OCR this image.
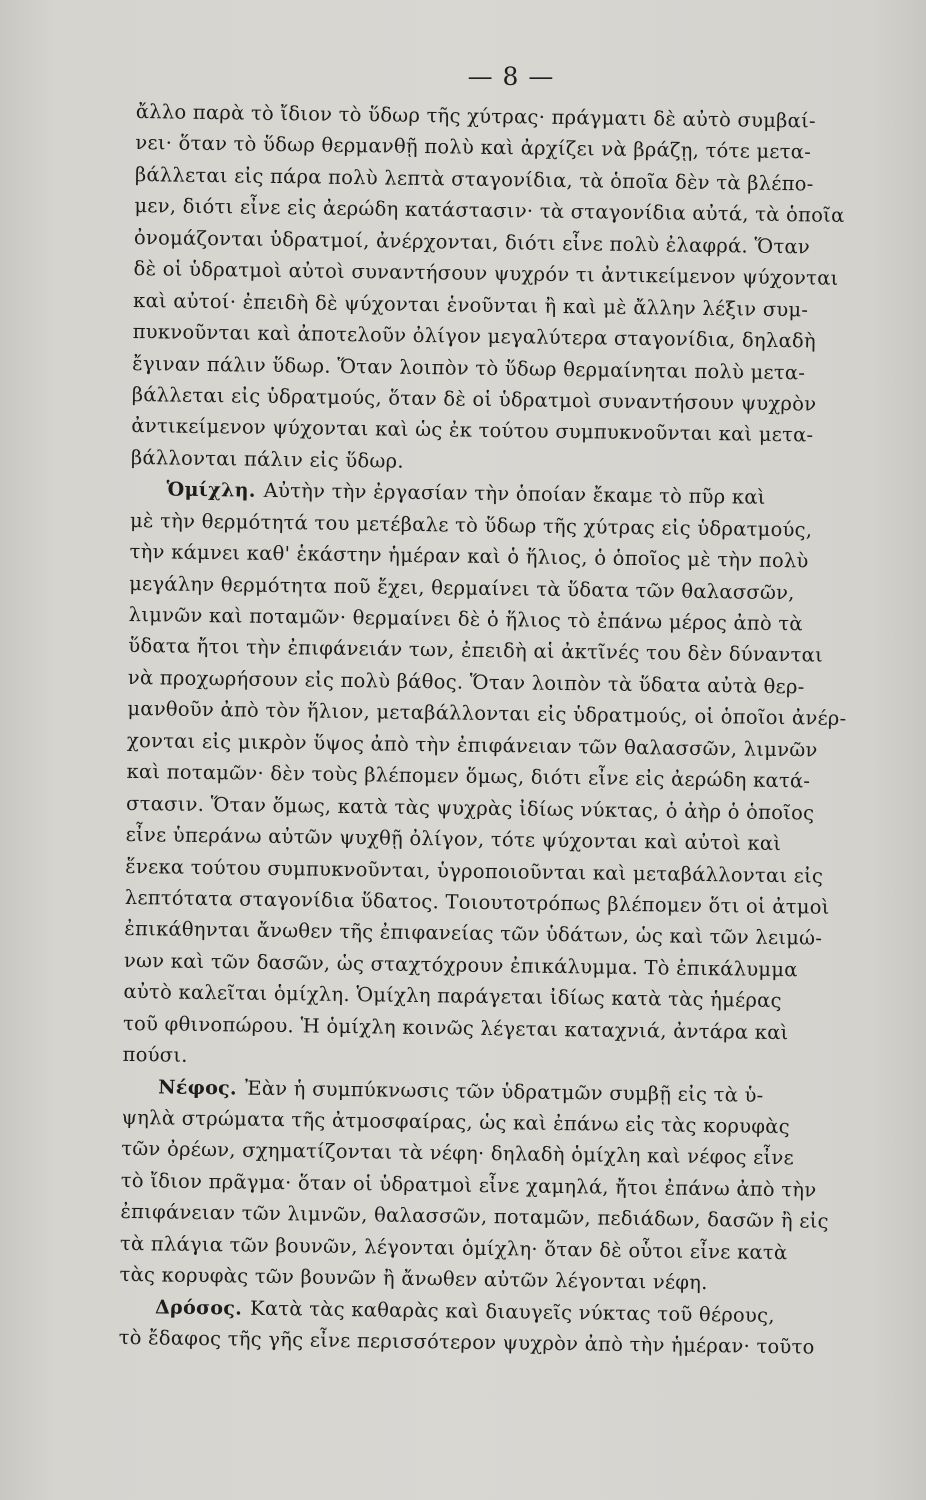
— 8 —
ἄλλο παρὰ τὸ ἴδιον τὸ ὕδωρ τῆς χύτρας· πράγματι δὲ αὐτὸ συμβαί-
νει· ὅταν τὸ ὕδωρ θερμανθῇ πολὺ καὶ ἀρχίζει νὰ βράζῃ, τότε μετα-
βάλλεται εἰς πάρα πολὺ λεπτὰ σταγονίδια, τὰ ὁποῖα δὲν τὰ βλέπο-
μεν, διότι εἶνε εἰς ἀερώδη κατάστασιν· τὰ σταγονίδια αὐτά, τὰ ὁποῖα
ὀνομάζονται ὑδρατμοί, ἀνέρχονται, διότι εἶνε πολὺ ἐλαφρά. Ὅταν
δὲ οἱ ὑδρατμοὶ αὐτοὶ συναντήσουν ψυχρόν τι ἀντικείμενον ψύχονται
καὶ αὐτοί· ἐπειδὴ δὲ ψύχονται ἑνοῦνται ἢ καὶ μὲ ἄλλην λέξιν συμ-
πυκνοῦνται καὶ ἀποτελοῦν ὀλίγον μεγαλύτερα σταγονίδια, δηλαδὴ
ἔγιναν πάλιν ὕδωρ. Ὅταν λοιπὸν τὸ ὕδωρ θερμαίνηται πολὺ μετα-
βάλλεται εἰς ὑδρατμούς, ὅταν δὲ οἱ ὑδρατμοὶ συναντήσουν ψυχρὸν
ἀντικείμενον ψύχονται καὶ ὡς ἐκ τούτου συμπυκνοῦνται καὶ μετα-
βάλλονται πάλιν εἰς ὕδωρ.
Ὁμίχλη. Αὐτὴν τὴν ἐργασίαν τὴν ὁποίαν ἔκαμε τὸ πῦρ καὶ
μὲ τὴν θερμότητά του μετέβαλε τὸ ὕδωρ τῆς χύτρας εἰς ὑδρατμούς,
τὴν κάμνει καθ' ἑκάστην ἡμέραν καὶ ὁ ἥλιος, ὁ ὁποῖος μὲ τὴν πολὺ
μεγάλην θερμότητα ποῦ ἔχει, θερμαίνει τὰ ὕδατα τῶν θαλασσῶν,
λιμνῶν καὶ ποταμῶν· θερμαίνει δὲ ὁ ἥλιος τὸ ἐπάνω μέρος ἀπὸ τὰ
ὕδατα ἤτοι τὴν ἐπιφάνειάν των, ἐπειδὴ αἱ ἀκτῖνές του δὲν δύνανται
νὰ προχωρήσουν εἰς πολὺ βάθος. Ὅταν λοιπὸν τὰ ὕδατα αὐτὰ θερ-
μανθοῦν ἀπὸ τὸν ἥλιον, μεταβάλλονται εἰς ὑδρατμούς, οἱ ὁποῖοι ἀνέρ-
χονται εἰς μικρὸν ὕψος ἀπὸ τὴν ἐπιφάνειαν τῶν θαλασσῶν, λιμνῶν
καὶ ποταμῶν· δὲν τοὺς βλέπομεν ὅμως, διότι εἶνε εἰς ἀερώδη κατά-
στασιν. Ὅταν ὅμως, κατὰ τὰς ψυχρὰς ἰδίως νύκτας, ὁ ἀὴρ ὁ ὁποῖος
εἶνε ὑπεράνω αὐτῶν ψυχθῇ ὀλίγον, τότε ψύχονται καὶ αὐτοὶ καὶ
ἕνεκα τούτου συμπυκνοῦνται, ὑγροποιοῦνται καὶ μεταβάλλονται εἰς
λεπτότατα σταγονίδια ὕδατος. Τοιουτοτρόπως βλέπομεν ὅτι οἱ ἀτμοὶ
ἐπικάθηνται ἄνωθεν τῆς ἐπιφανείας τῶν ὑδάτων, ὡς καὶ τῶν λειμώ-
νων καὶ τῶν δασῶν, ὡς σταχτόχρουν ἐπικάλυμμα. Τὸ ἐπικάλυμμα
αὐτὸ καλεῖται ὁμίχλη. Ὁμίχλη παράγεται ἰδίως κατὰ τὰς ἡμέρας
τοῦ φθινοπώρου. Ἡ ὁμίχλη κοινῶς λέγεται καταχνιά, ἀντάρα καὶ
πούσι.
Νέφος. Ἐὰν ἡ συμπύκνωσις τῶν ὑδρατμῶν συμβῇ εἰς τὰ ὑ-
ψηλὰ στρώματα τῆς ἀτμοσφαίρας, ὡς καὶ ἐπάνω εἰς τὰς κορυφὰς
τῶν ὀρέων, σχηματίζονται τὰ νέφη· δηλαδὴ ὁμίχλη καὶ νέφος εἶνε
τὸ ἴδιον πρᾶγμα· ὅταν οἱ ὑδρατμοὶ εἶνε χαμηλά, ἤτοι ἐπάνω ἀπὸ τὴν
ἐπιφάνειαν τῶν λιμνῶν, θαλασσῶν, ποταμῶν, πεδιάδων, δασῶν ἢ εἰς
τὰ πλάγια τῶν βουνῶν, λέγονται ὁμίχλη· ὅταν δὲ οὗτοι εἶνε κατὰ
τὰς κορυφὰς τῶν βουνῶν ἢ ἄνωθεν αὐτῶν λέγονται νέφη.
Δρόσος. Κατὰ τὰς καθαρὰς καὶ διαυγεῖς νύκτας τοῦ θέρους,
τὸ ἔδαφος τῆς γῆς εἶνε περισσότερον ψυχρὸν ἀπὸ τὴν ἡμέραν· τοῦτο
